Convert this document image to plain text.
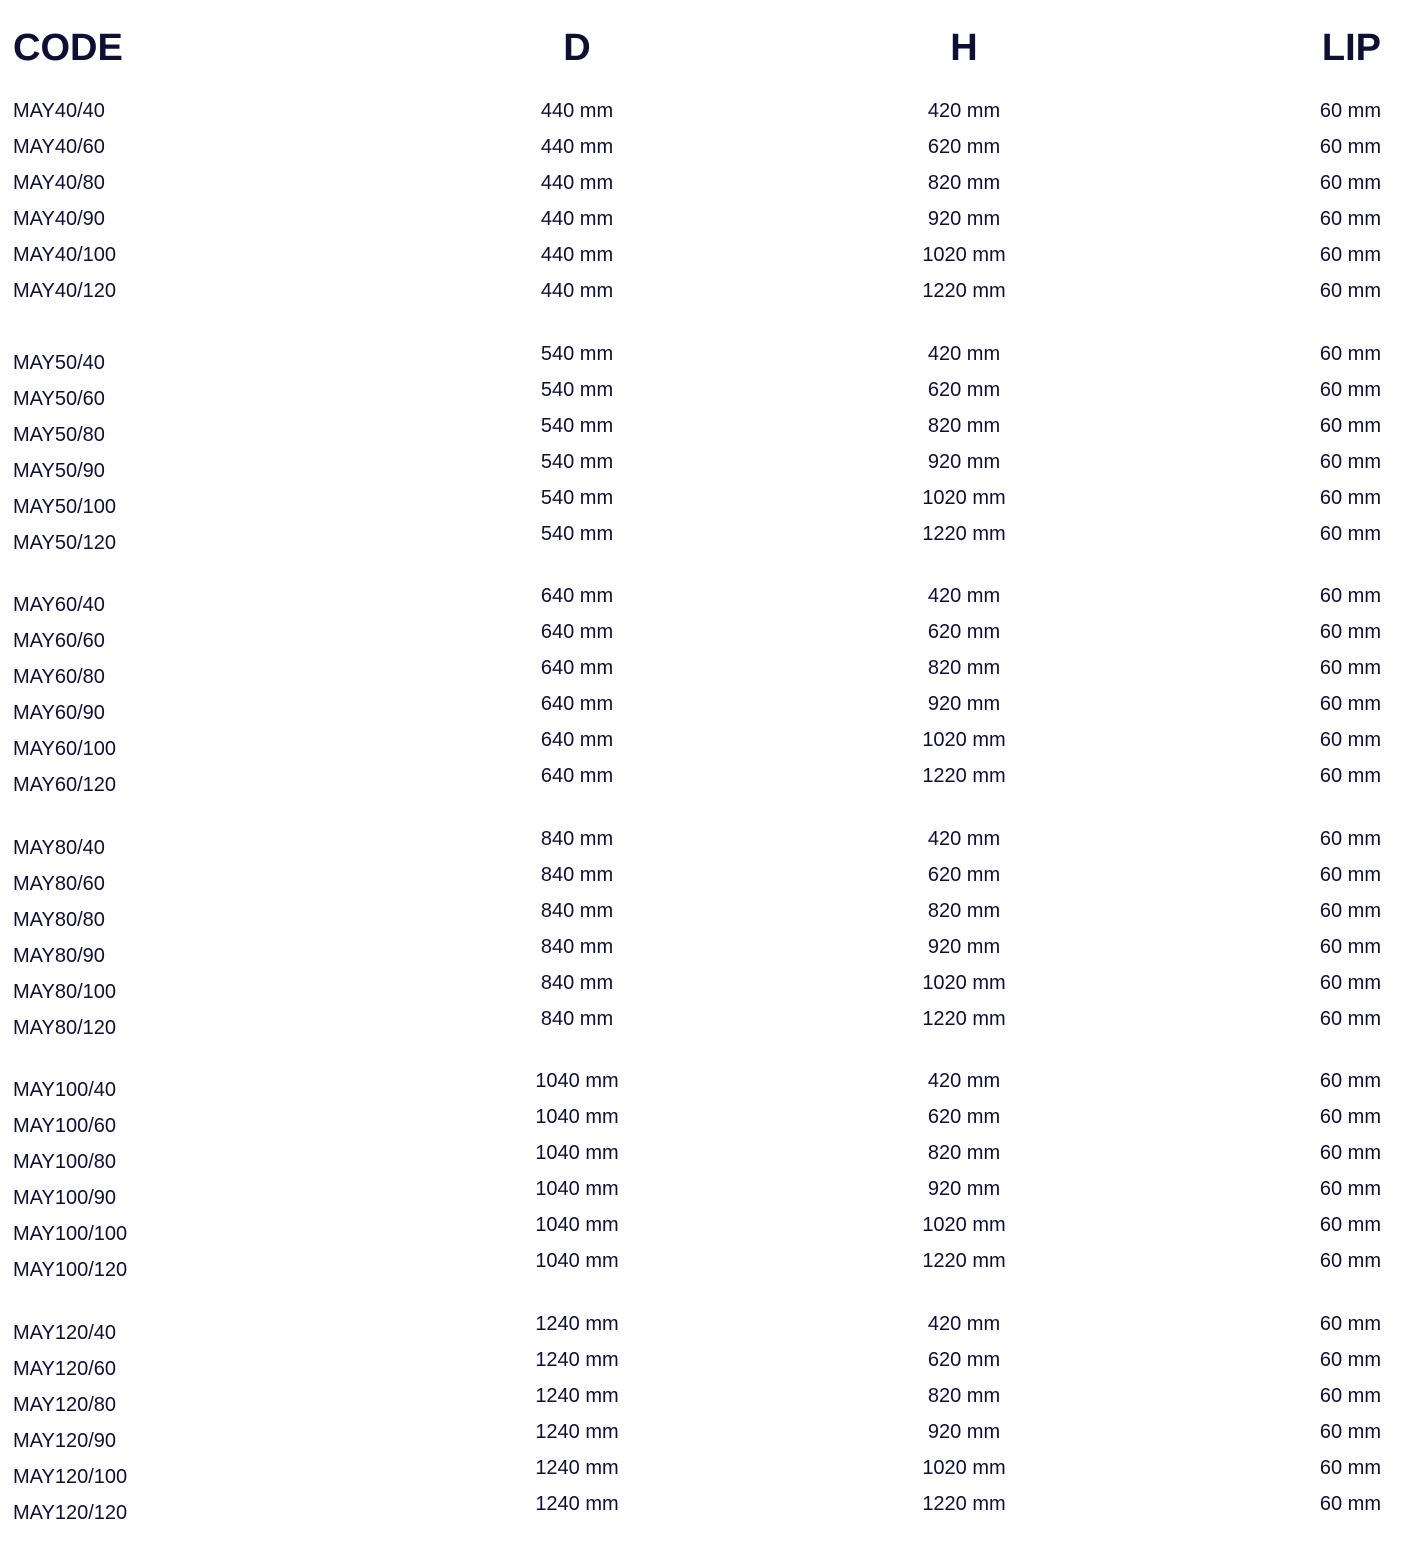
CODE	D	H	LIP
MAY40/40	440 mm	420 mm	60 mm
MAY40/60	440 mm	620 mm	60 mm
MAY40/80	440 mm	820 mm	60 mm
MAY40/90	440 mm	920 mm	60 mm
MAY40/100	440 mm	1020 mm	60 mm
MAY40/120	440 mm	1220 mm	60 mm
MAY50/40	540 mm	420 mm	60 mm
MAY50/60	540 mm	620 mm	60 mm
MAY50/80	540 mm	820 mm	60 mm
MAY50/90	540 mm	920 mm	60 mm
MAY50/100	540 mm	1020 mm	60 mm
MAY50/120	540 mm	1220 mm	60 mm
MAY60/40	640 mm	420 mm	60 mm
MAY60/60	640 mm	620 mm	60 mm
MAY60/80	640 mm	820 mm	60 mm
MAY60/90	640 mm	920 mm	60 mm
MAY60/100	640 mm	1020 mm	60 mm
MAY60/120	640 mm	1220 mm	60 mm
MAY80/40	840 mm	420 mm	60 mm
MAY80/60	840 mm	620 mm	60 mm
MAY80/80	840 mm	820 mm	60 mm
MAY80/90	840 mm	920 mm	60 mm
MAY80/100	840 mm	1020 mm	60 mm
MAY80/120	840 mm	1220 mm	60 mm
MAY100/40	1040 mm	420 mm	60 mm
MAY100/60	1040 mm	620 mm	60 mm
MAY100/80	1040 mm	820 mm	60 mm
MAY100/90	1040 mm	920 mm	60 mm
MAY100/100	1040 mm	1020 mm	60 mm
MAY100/120	1040 mm	1220 mm	60 mm
MAY120/40	1240 mm	420 mm	60 mm
MAY120/60	1240 mm	620 mm	60 mm
MAY120/80	1240 mm	820 mm	60 mm
MAY120/90	1240 mm	920 mm	60 mm
MAY120/100	1240 mm	1020 mm	60 mm
MAY120/120	1240 mm	1220 mm	60 mm
